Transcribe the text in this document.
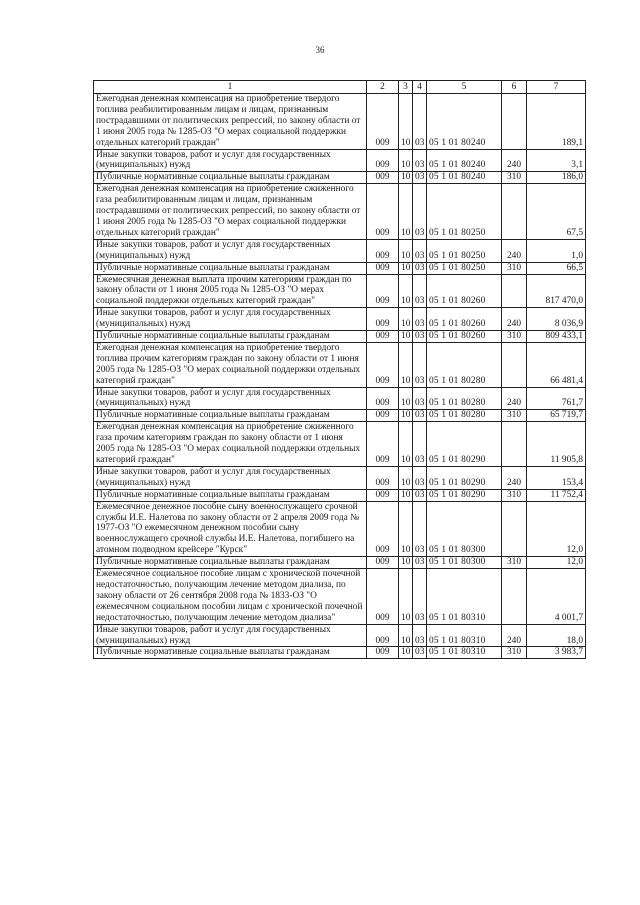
36
1	2	3	4	5	6	7
Ежегодная денежная компенсация на приобретение твердого топлива реабилитированным лицам и лицам, признанным пострадавшими от политических репрессий, по закону области от 1 июня 2005 года № 1285-ОЗ "О мерах социальной поддержки отдельных категорий граждан"	009	10	03	05 1 01 80240		189,1
Иные закупки товаров, работ и услуг для государственных (муниципальных) нужд	009	10	03	05 1 01 80240	240	3,1
Публичные нормативные социальные выплаты гражданам	009	10	03	05 1 01 80240	310	186,0
Ежегодная денежная компенсация на приобретение сжиженного газа реабилитированным лицам и лицам, признанным пострадавшими от политических репрессий, по закону области от 1 июня 2005 года № 1285-ОЗ "О мерах социальной поддержки отдельных категорий граждан"	009	10	03	05 1 01 80250		67,5
Иные закупки товаров, работ и услуг для государственных (муниципальных) нужд	009	10	03	05 1 01 80250	240	1,0
Публичные нормативные социальные выплаты гражданам	009	10	03	05 1 01 80250	310	66,5
Ежемесячная денежная выплата прочим категориям граждан по закону области от 1 июня 2005 года № 1285-ОЗ "О мерах социальной поддержки отдельных категорий граждан"	009	10	03	05 1 01 80260		817 470,0
Иные закупки товаров, работ и услуг для государственных (муниципальных) нужд	009	10	03	05 1 01 80260	240	8 036,9
Публичные нормативные социальные выплаты гражданам	009	10	03	05 1 01 80260	310	809 433,1
Ежегодная денежная компенсация на приобретение твердого топлива прочим категориям граждан по закону области от 1 июня 2005 года № 1285-ОЗ "О мерах социальной поддержки отдельных категорий граждан"	009	10	03	05 1 01 80280		66 481,4
Иные закупки товаров, работ и услуг для государственных (муниципальных) нужд	009	10	03	05 1 01 80280	240	761,7
Публичные нормативные социальные выплаты гражданам	009	10	03	05 1 01 80280	310	65 719,7
Ежегодная денежная компенсация на приобретение сжиженного газа прочим категориям граждан по закону области от 1 июня 2005 года № 1285-ОЗ "О мерах социальной поддержки отдельных категорий граждан"	009	10	03	05 1 01 80290		11 905,8
Иные закупки товаров, работ и услуг для государственных (муниципальных) нужд	009	10	03	05 1 01 80290	240	153,4
Публичные нормативные социальные выплаты гражданам	009	10	03	05 1 01 80290	310	11 752,4
Ежемесячное денежное пособие сыну военнослужащего срочной службы И.Е. Налетова по закону области от 2 апреля 2009 года № 1977-ОЗ "О ежемесячном денежном пособии сыну военнослужащего срочной службы И.Е. Налетова, погибшего на атомном подводном крейсере "Курск"	009	10	03	05 1 01 80300		12,0
Публичные нормативные социальные выплаты гражданам	009	10	03	05 1 01 80300	310	12,0
Ежемесячное социальное пособие лицам с хронической почечной недостаточностью, получающим лечение методом диализа, по закону области от 26 сентября 2008 года № 1833-ОЗ "О ежемесячном социальном пособии лицам с хронической почечной недостаточностью, получающим лечение методом диализа"	009	10	03	05 1 01 80310		4 001,7
Иные закупки товаров, работ и услуг для государственных (муниципальных) нужд	009	10	03	05 1 01 80310	240	18,0
Публичные нормативные социальные выплаты гражданам	009	10	03	05 1 01 80310	310	3 983,7
